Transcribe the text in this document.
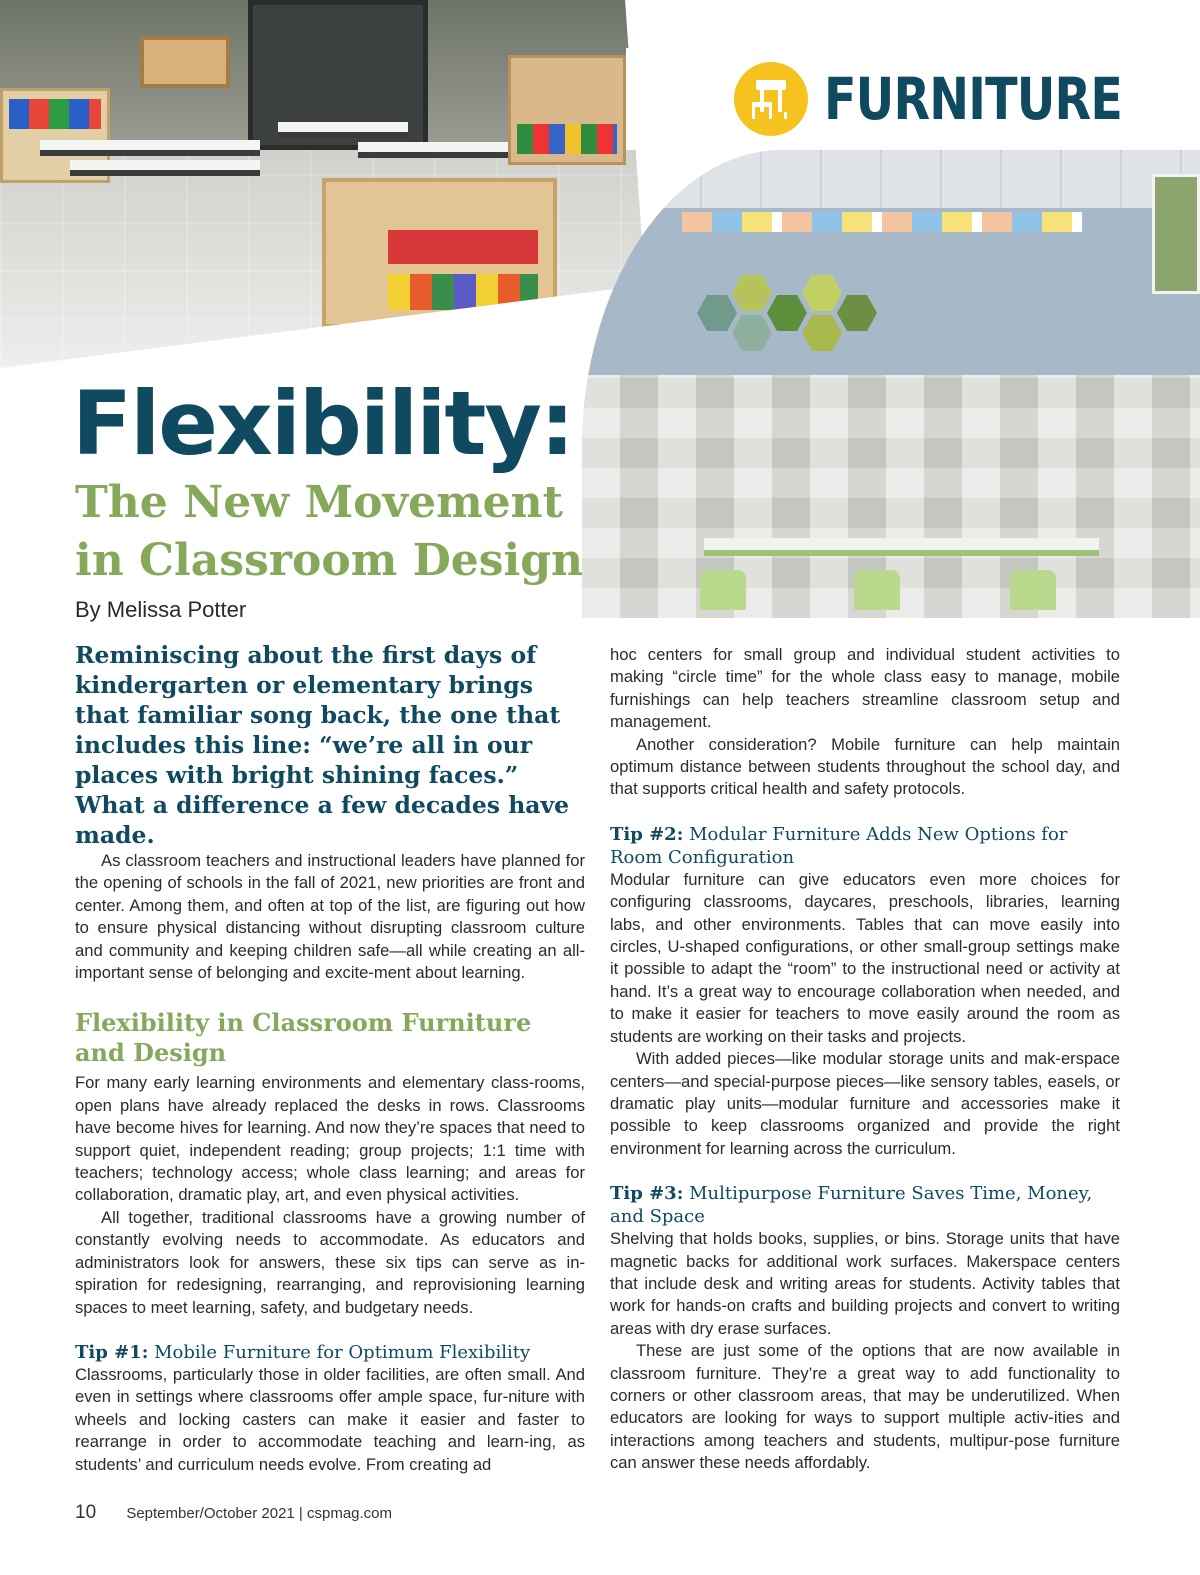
FURNITURE
Flexibility:
The New Movement
in Classroom Design
By Melissa Potter

Reminiscing about the first days of kindergarten or elementary brings that familiar song back, the one that includes this line: “we’re all in our places with bright shining faces.” What a difference a few decades have made.

As classroom teachers and instructional leaders have planned for the opening of schools in the fall of 2021, new priorities are front and center. Among them, and often at top of the list, are figuring out how to ensure physical distancing without disrupting classroom culture and community and keeping children safe—all while creating an all-important sense of belonging and excite-ment about learning.

Flexibility in Classroom Furniture and Design

For many early learning environments and elementary class-rooms, open plans have already replaced the desks in rows. Classrooms have become hives for learning. And now they’re spaces that need to support quiet, independent reading; group projects; 1:1 time with teachers; technology access; whole class learning; and areas for collaboration, dramatic play, art, and even physical activities.

All together, traditional classrooms have a growing number of constantly evolving needs to accommodate. As educators and administrators look for answers, these six tips can serve as in-spiration for redesigning, rearranging, and reprovisioning learning spaces to meet learning, safety, and budgetary needs.

Tip #1: Mobile Furniture for Optimum Flexibility

Classrooms, particularly those in older facilities, are often small. And even in settings where classrooms offer ample space, fur-niture with wheels and locking casters can make it easier and faster to rearrange in order to accommodate teaching and learn-ing, as students’ and curriculum needs evolve. From creating ad

hoc centers for small group and individual student activities to making “circle time” for the whole class easy to manage, mobile furnishings can help teachers streamline classroom setup and management.

Another consideration? Mobile furniture can help maintain optimum distance between students throughout the school day, and that supports critical health and safety protocols.

Tip #2: Modular Furniture Adds New Options for Room Configuration

Modular furniture can give educators even more choices for configuring classrooms, daycares, preschools, libraries, learning labs, and other environments. Tables that can move easily into circles, U-shaped configurations, or other small-group settings make it possible to adapt the “room” to the instructional need or activity at hand. It’s a great way to encourage collaboration when needed, and to make it easier for teachers to move easily around the room as students are working on their tasks and projects.

With added pieces—like modular storage units and mak-erspace centers—and special-purpose pieces—like sensory tables, easels, or dramatic play units—modular furniture and accessories make it possible to keep classrooms organized and provide the right environment for learning across the curriculum.

Tip #3: Multipurpose Furniture Saves Time, Money, and Space

Shelving that holds books, supplies, or bins. Storage units that have magnetic backs for additional work surfaces. Makerspace centers that include desk and writing areas for students. Activity tables that work for hands-on crafts and building projects and convert to writing areas with dry erase surfaces.

These are just some of the options that are now available in classroom furniture. They’re a great way to add functionality to corners or other classroom areas, that may be underutilized. When educators are looking for ways to support multiple activ-ities and interactions among teachers and students, multipur-pose furniture can answer these needs affordably.

10 September/October 2021 | cspmag.com
